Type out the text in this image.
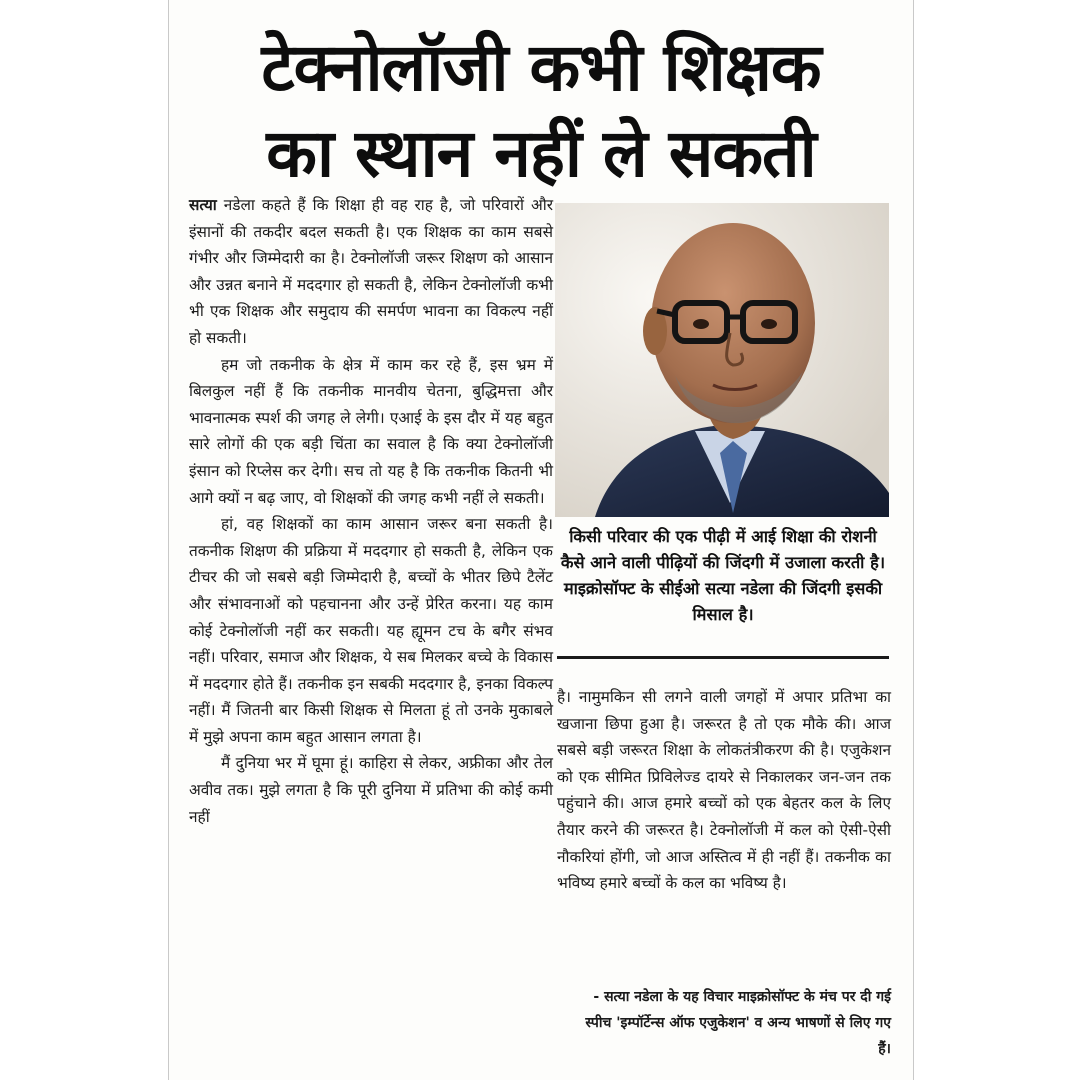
टेक्नोलॉजी कभी शिक्षक
का स्थान नहीं ले सकती

सत्या नडेला कहते हैं कि शिक्षा ही वह राह है, जो परिवारों और इंसानों की तकदीर बदल सकती है। एक शिक्षक का काम सबसे गंभीर और जिम्मेदारी का है। टेक्नोलॉजी जरूर शिक्षण को आसान और उन्नत बनाने में मददगार हो सकती है, लेकिन टेक्नोलॉजी कभी भी एक शिक्षक और समुदाय की समर्पण भावना का विकल्प नहीं हो सकती।

हम जो तकनीक के क्षेत्र में काम कर रहे हैं, इस भ्रम में बिलकुल नहीं हैं कि तकनीक मानवीय चेतना, बुद्धिमत्ता और भावनात्मक स्पर्श की जगह ले लेगी। एआई के इस दौर में यह बहुत सारे लोगों की एक बड़ी चिंता का सवाल है कि क्या टेक्नोलॉजी इंसान को रिप्लेस कर देगी। सच तो यह है कि तकनीक कितनी भी आगे क्यों न बढ़ जाए, वो शिक्षकों की जगह कभी नहीं ले सकती।

हां, वह शिक्षकों का काम आसान जरूर बना सकती है। तकनीक शिक्षण की प्रक्रिया में मददगार हो सकती है, लेकिन एक टीचर की जो सबसे बड़ी जिम्मेदारी है, बच्चों के भीतर छिपे टैलेंट और संभावनाओं को पहचानना और उन्हें प्रेरित करना। यह काम कोई टेक्नोलॉजी नहीं कर सकती। यह ह्यूमन टच के बगैर संभव नहीं। परिवार, समाज और शिक्षक, ये सब मिलकर बच्चे के विकास में मददगार होते हैं। तकनीक इन सबकी मददगार है, इनका विकल्प नहीं। मैं जितनी बार किसी शिक्षक से मिलता हूं तो उनके मुकाबले में मुझे अपना काम बहुत आसान लगता है।

मैं दुनिया भर में घूमा हूं। काहिरा से लेकर, अफ्रीका और तेल अवीव तक। मुझे लगता है कि पूरी दुनिया में प्रतिभा की कोई कमी नहीं

किसी परिवार की एक पीढ़ी में आई शिक्षा की रोशनी कैसे आने वाली पीढ़ियों की जिंदगी में उजाला करती है। माइक्रोसॉफ्ट के सीईओ सत्या नडेला की जिंदगी इसकी मिसाल है।

है। नामुमकिन सी लगने वाली जगहों में अपार प्रतिभा का खजाना छिपा हुआ है। जरूरत है तो एक मौके की। आज सबसे बड़ी जरूरत शिक्षा के लोकतंत्रीकरण की है। एजुकेशन को एक सीमित प्रिविलेज्ड दायरे से निकालकर जन-जन तक पहुंचाने की। आज हमारे बच्चों को एक बेहतर कल के लिए तैयार करने की जरूरत है। टेक्नोलॉजी में कल को ऐसी-ऐसी नौकरियां होंगी, जो आज अस्तित्व में ही नहीं हैं। तकनीक का भविष्य हमारे बच्चों के कल का भविष्य है।

- सत्या नडेला के यह विचार माइक्रोसॉफ्ट के मंच पर दी गई स्पीच 'इम्पॉर्टेन्स ऑफ एजुकेशन' व अन्य भाषणों से लिए गए हैं।
